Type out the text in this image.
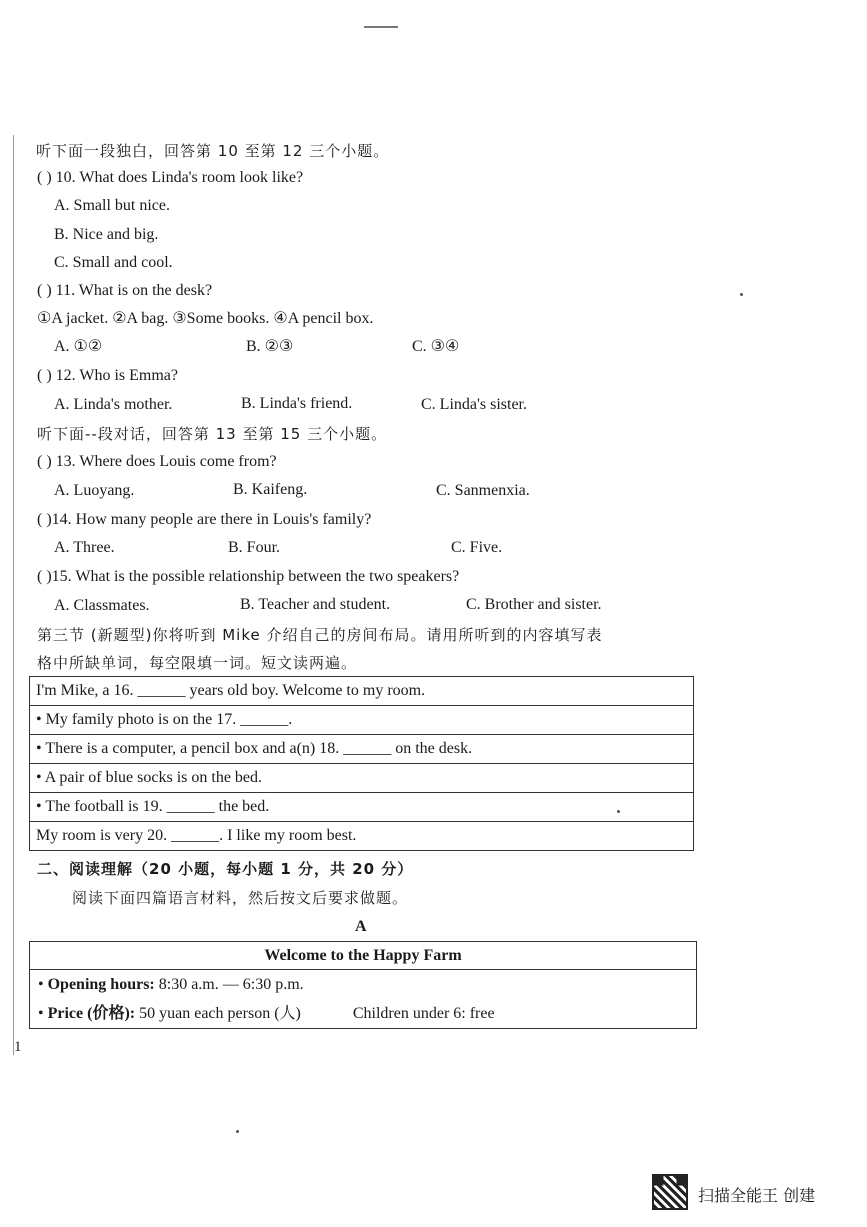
听下面一段独白，回答第 10 至第 12 三个小题。
( ) 10. What does Linda's room look like?
A. Small but nice.
B. Nice and big.
C. Small and cool.
( ) 11. What is on the desk?
①A jacket. ②A bag. ③Some books. ④A pencil box.
A. ①②	B. ②③	C. ③④
( ) 12. Who is Emma?
A. Linda's mother.	B. Linda's friend.	C. Linda's sister.
听下面--段对话，回答第 13 至第 15 三个小题。
( ) 13. Where does Louis come from?
A. Luoyang.	B. Kaifeng.	C. Sanmenxia.
( )14. How many people are there in Louis's family?
A. Three.	B. Four.	C. Five.
( )15. What is the possible relationship between the two speakers?
A. Classmates.	B. Teacher and student.	C. Brother and sister.
第三节 (新题型)你将听到 Mike 介绍自己的房间布局。请用所听到的内容填写表
格中所缺单词，每空限填一词。短文读两遍。
I'm Mike, a 16. ______ years old boy. Welcome to my room.
• My family photo is on the 17. ______.
• There is a computer, a pencil box and a(n) 18. ______ on the desk.
• A pair of blue socks is on the bed.
• The football is 19. ______ the bed.
My room is very 20. ______. I like my room best.
二、阅读理解（20 小题，每小题 1 分，共 20 分）
阅读下面四篇语言材料，然后按文后要求做题。
A
Welcome to the Happy Farm

• Opening hours: 8:30 a.m. — 6:30 p.m.
• Price (价格): 50 yuan each person (人)	Children under 6: free
1
扫描全能王 创建
